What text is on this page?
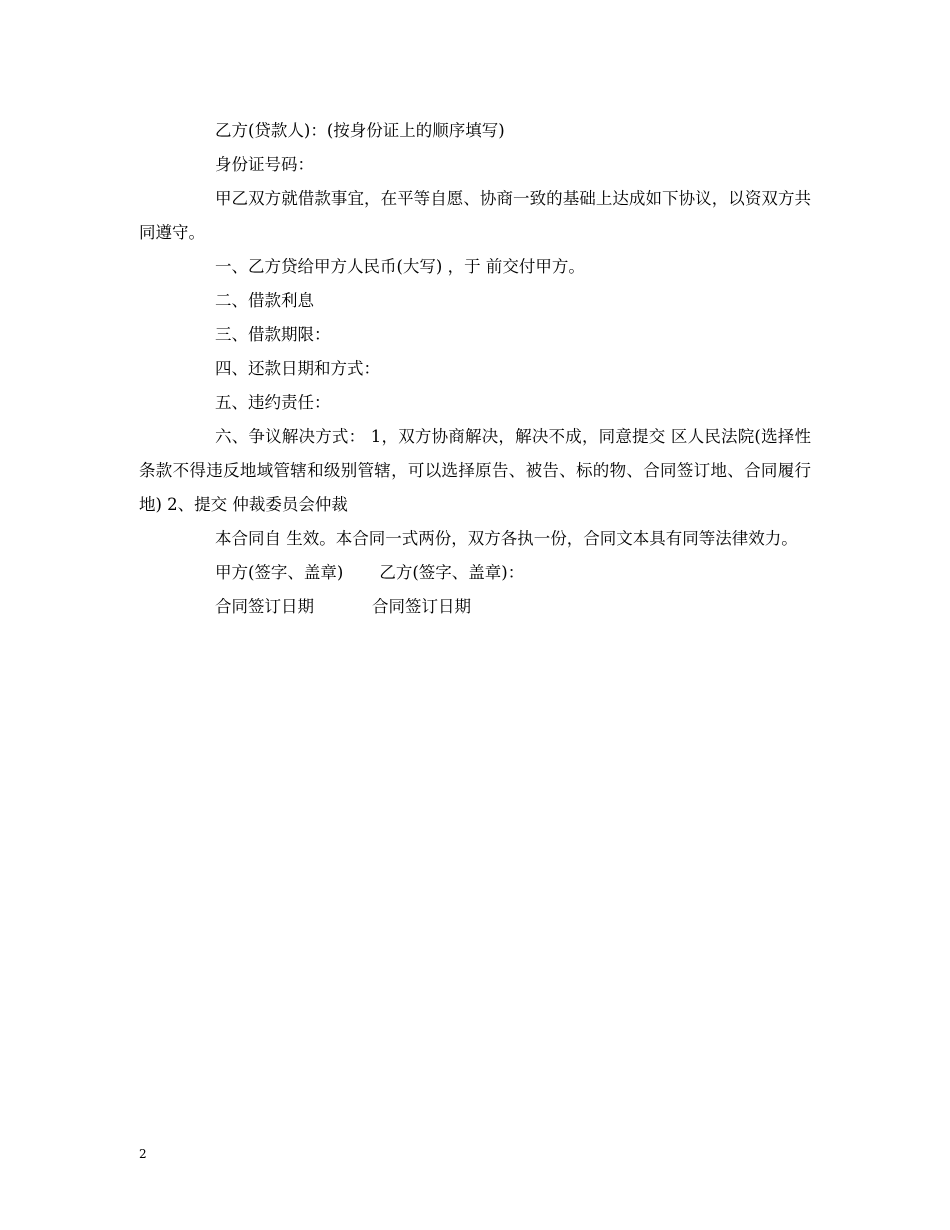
乙方(贷款人)：(按身份证上的顺序填写)

身份证号码：

甲乙双方就借款事宜，在平等自愿、协商一致的基础上达成如下协议，以资双方共同遵守。

一、乙方贷给甲方人民币(大写) ，于 前交付甲方。

二、借款利息

三、借款期限：

四、还款日期和方式：

五、违约责任：

六、争议解决方式： 1，双方协商解决，解决不成，同意提交 区人民法院(选择性条款不得违反地域管辖和级别管辖，可以选择原告、被告、标的物、合同签订地、合同履行地) 2、提交 仲裁委员会仲裁

本合同自 生效。本合同一式两份，双方各执一份，合同文本具有同等法律效力。

甲方(签字、盖章) 乙方(签字、盖章)：

合同签订日期	合同签订日期

2
